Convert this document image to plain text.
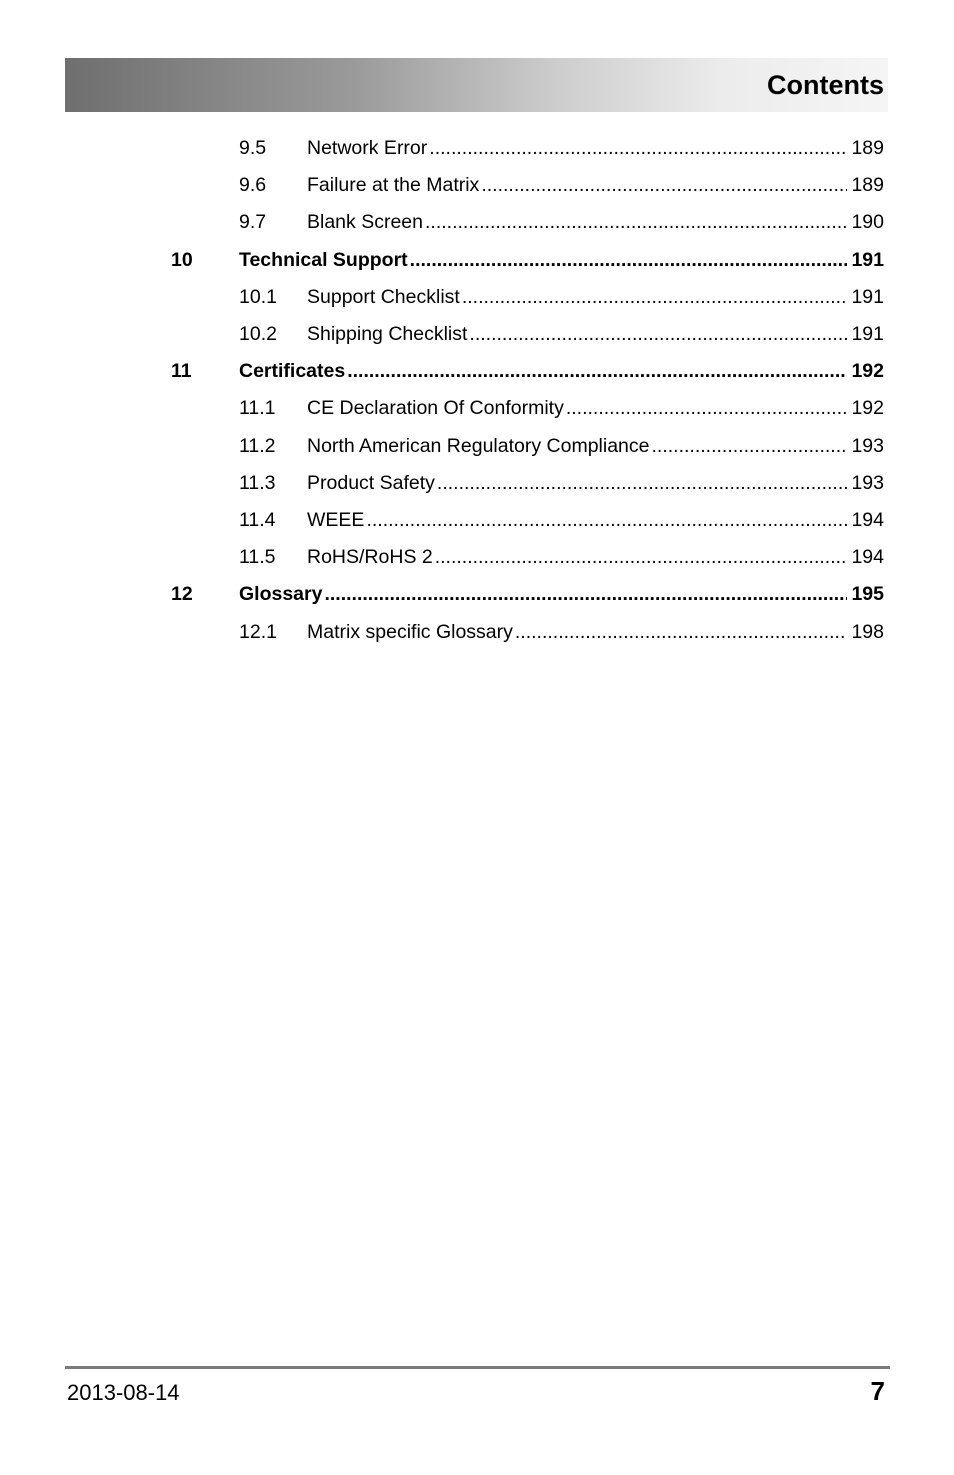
Contents
9.5 Network Error .....	189
9.6 Failure at the Matrix .....	189
9.7 Blank Screen .....	190
10 Technical Support .....	191
10.1 Support Checklist .....	191
10.2 Shipping Checklist .....	191
11 Certificates .....	192
11.1 CE Declaration Of Conformity .....	192
11.2 North American Regulatory Compliance .....	193
11.3 Product Safety .....	193
11.4 WEEE .....	194
11.5 RoHS/RoHS 2 .....	194
12 Glossary .....	195
12.1 Matrix specific Glossary .....	198
2013-08-14	7
